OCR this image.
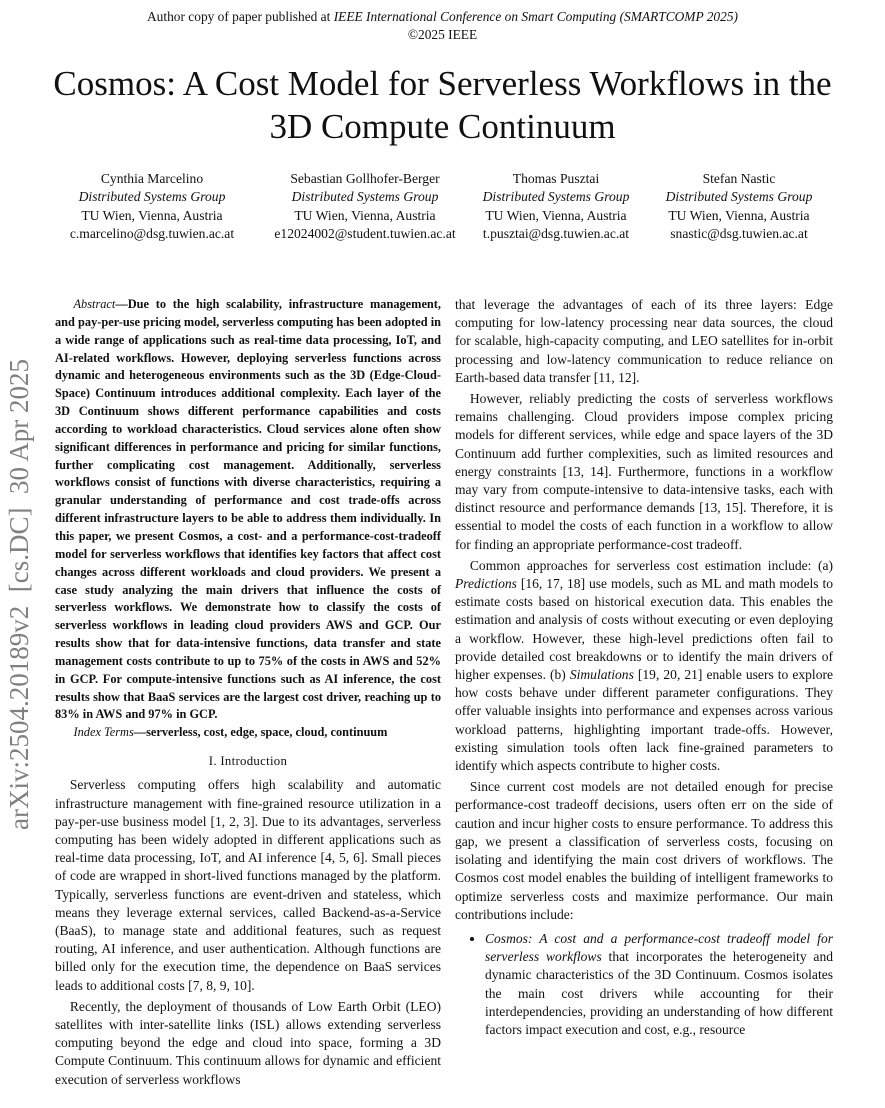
Author copy of paper published at IEEE International Conference on Smart Computing (SMARTCOMP 2025)
©2025 IEEE
Cosmos: A Cost Model for Serverless Workflows in the 3D Compute Continuum
Cynthia Marcelino
Distributed Systems Group
TU Wien, Vienna, Austria
c.marcelino@dsg.tuwien.ac.at
Sebastian Gollhofer-Berger
Distributed Systems Group
TU Wien, Vienna, Austria
e12024002@student.tuwien.ac.at
Thomas Pusztai
Distributed Systems Group
TU Wien, Vienna, Austria
t.pusztai@dsg.tuwien.ac.at
Stefan Nastic
Distributed Systems Group
TU Wien, Vienna, Austria
snastic@dsg.tuwien.ac.at
arXiv:2504.20189v2  [cs.DC]  30 Apr 2025
Abstract—Due to the high scalability, infrastructure management, and pay-per-use pricing model, serverless computing has been adopted in a wide range of applications such as real-time data processing, IoT, and AI-related workflows. However, deploying serverless functions across dynamic and heterogeneous environments such as the 3D (Edge-Cloud-Space) Continuum introduces additional complexity. Each layer of the 3D Continuum shows different performance capabilities and costs according to workload characteristics. Cloud services alone often show significant differences in performance and pricing for similar functions, further complicating cost management. Additionally, serverless workflows consist of functions with diverse characteristics, requiring a granular understanding of performance and cost trade-offs across different infrastructure layers to be able to address them individually. In this paper, we present Cosmos, a cost- and a performance-cost-tradeoff model for serverless workflows that identifies key factors that affect cost changes across different workloads and cloud providers. We present a case study analyzing the main drivers that influence the costs of serverless workflows. We demonstrate how to classify the costs of serverless workflows in leading cloud providers AWS and GCP. Our results show that for data-intensive functions, data transfer and state management costs contribute to up to 75% of the costs in AWS and 52% in GCP. For compute-intensive functions such as AI inference, the cost results show that BaaS services are the largest cost driver, reaching up to 83% in AWS and 97% in GCP.
Index Terms—serverless, cost, edge, space, cloud, continuum
I. Introduction

Serverless computing offers high scalability and automatic infrastructure management with fine-grained resource utilization in a pay-per-use business model [1, 2, 3]. Due to its advantages, serverless computing has been widely adopted in different applications such as real-time data processing, IoT, and AI inference [4, 5, 6]. Small pieces of code are wrapped in short-lived functions managed by the platform. Typically, serverless functions are event-driven and stateless, which means they leverage external services, called Backend-as-a-Service (BaaS), to manage state and additional features, such as request routing, AI inference, and user authentication. Although functions are billed only for the execution time, the dependence on BaaS services leads to additional costs [7, 8, 9, 10].

Recently, the deployment of thousands of Low Earth Orbit (LEO) satellites with inter-satellite links (ISL) allows extending serverless computing beyond the edge and cloud into space, forming a 3D Compute Continuum. This continuum allows for dynamic and efficient execution of serverless workflows

that leverage the advantages of each of its three layers: Edge computing for low-latency processing near data sources, the cloud for scalable, high-capacity computing, and LEO satellites for in-orbit processing and low-latency communication to reduce reliance on Earth-based data transfer [11, 12].

However, reliably predicting the costs of serverless workflows remains challenging. Cloud providers impose complex pricing models for different services, while edge and space layers of the 3D Continuum add further complexities, such as limited resources and energy constraints [13, 14]. Furthermore, functions in a workflow may vary from compute-intensive to data-intensive tasks, each with distinct resource and performance demands [13, 15]. Therefore, it is essential to model the costs of each function in a workflow to allow for finding an appropriate performance-cost tradeoff.

Common approaches for serverless cost estimation include: (a) Predictions [16, 17, 18] use models, such as ML and math models to estimate costs based on historical execution data. This enables the estimation and analysis of costs without executing or even deploying a workflow. However, these high-level predictions often fail to provide detailed cost breakdowns or to identify the main drivers of higher expenses. (b) Simulations [19, 20, 21] enable users to explore how costs behave under different parameter configurations. They offer valuable insights into performance and expenses across various workload patterns, highlighting important trade-offs. However, existing simulation tools often lack fine-grained parameters to identify which aspects contribute to higher costs.

Since current cost models are not detailed enough for precise performance-cost tradeoff decisions, users often err on the side of caution and incur higher costs to ensure performance. To address this gap, we present a classification of serverless costs, focusing on isolating and identifying the main cost drivers of workflows. The Cosmos cost model enables the building of intelligent frameworks to optimize serverless costs and maximize performance. Our main contributions include:

• Cosmos: A cost and a performance-cost tradeoff model for serverless workflows that incorporates the heterogeneity and dynamic characteristics of the 3D Continuum. Cosmos isolates the main cost drivers while accounting for their interdependencies, providing an understanding of how different factors impact execution and cost, e.g., resource
